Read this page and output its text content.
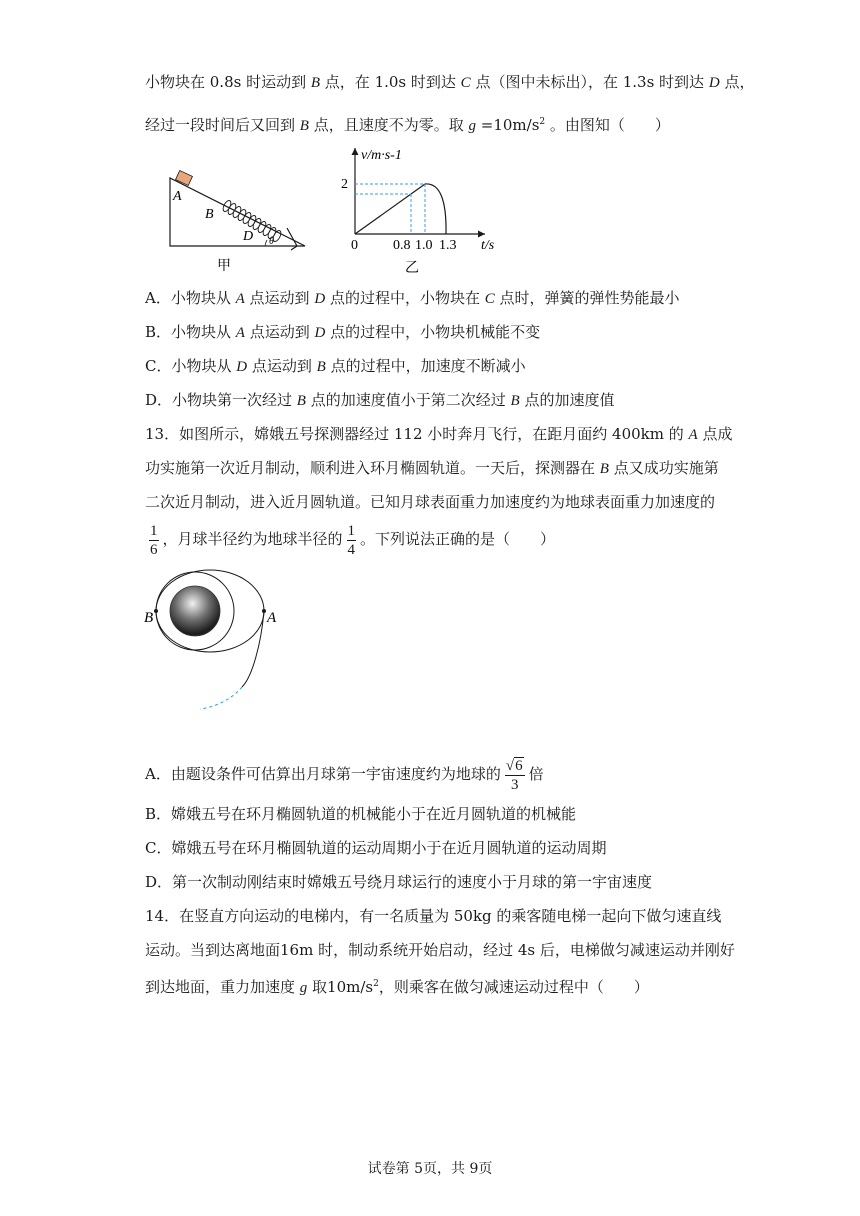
小物块在 0.8s 时运动到 B 点，在 1.0s 时到达 C 点（图中未标出），在 1.3s 时到达 D 点，
经过一段时间后又回到 B 点，且速度不为零。取 $g =10m/s^2$ 。由图知（　　）
A
B
D θ
甲
v/m·s-1
2
0	0.8 1.0 1.3 t/s
乙
A．小物块从 A 点运动到 D 点的过程中，小物块在 C 点时，弹簧的弹性势能最小
B．小物块从 A 点运动到 D 点的过程中，小物块机械能不变
C．小物块从 D 点运动到 B 点的过程中，加速度不断减小
D．小物块第一次经过 B 点的加速度值小于第二次经过 B 点的加速度值
13．如图所示，嫦娥五号探测器经过 112 小时奔月飞行，在距月面约 400km 的 A 点成
功实施第一次近月制动，顺利进入环月椭圆轨道。一天后，探测器在 B 点又成功实施第
二次近月制动，进入近月圆轨道。已知月球表面重力加速度约为地球表面重力加速度的
$\frac{1}{6}$ ，月球半径约为地球半径的 $\frac{1}{4}$ 。下列说法正确的是（　　）
B	A
A．由题设条件可估算出月球第一宇宙速度约为地球的 $\frac{√6}{3}$ 倍
B．嫦娥五号在环月椭圆轨道的机械能小于在近月圆轨道的机械能
C．嫦娥五号在环月椭圆轨道的运动周期小于在近月圆轨道的运动周期
D．第一次制动刚结束时嫦娥五号绕月球运行的速度小于月球的第一宇宙速度
14．在竖直方向运动的电梯内，有一名质量为 50kg 的乘客随电梯一起向下做匀速直线
运动。当到达离地面16m 时，制动系统开始启动，经过 4s 后，电梯做匀减速运动并刚好
到达地面，重力加速度 g 取$10m/s^2$，则乘客在做匀减速运动过程中（　　）
试卷第 5页，共 9页
